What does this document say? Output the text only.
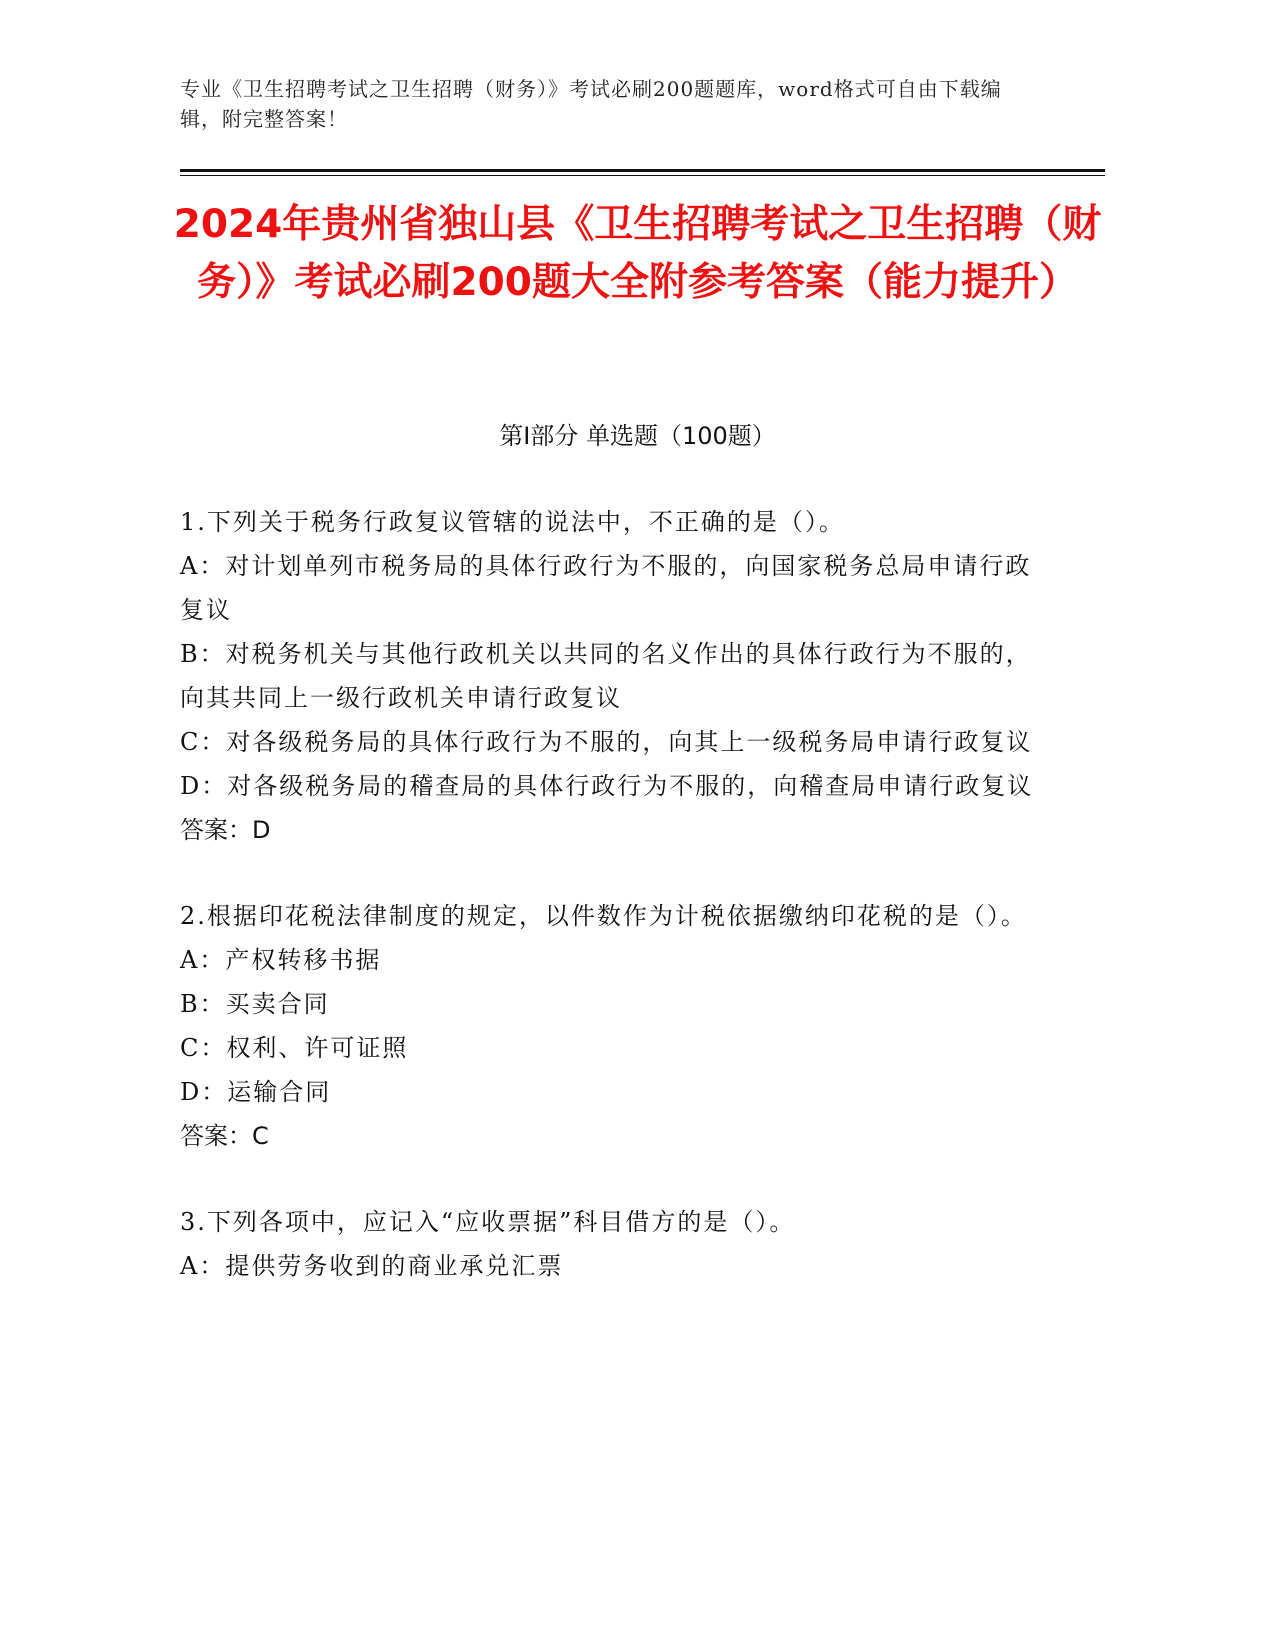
专业《卫生招聘考试之卫生招聘（财务）》考试必刷200题题库，word格式可自由下载编辑，附完整答案！
2024年贵州省独山县《卫生招聘考试之卫生招聘（财务）》考试必刷200题大全附参考答案（能力提升）
第I部分 单选题（100题）
1.下列关于税务行政复议管辖的说法中，不正确的是（）。
A：对计划单列市税务局的具体行政行为不服的，向国家税务总局申请行政复议
B：对税务机关与其他行政机关以共同的名义作出的具体行政行为不服的，向其共同上一级行政机关申请行政复议
C：对各级税务局的具体行政行为不服的，向其上一级税务局申请行政复议
D：对各级税务局的稽查局的具体行政行为不服的，向稽查局申请行政复议
答案：D
2.根据印花税法律制度的规定，以件数作为计税依据缴纳印花税的是（）。
A：产权转移书据
B：买卖合同
C：权利、许可证照
D：运输合同
答案：C
3.下列各项中，应记入“应收票据”科目借方的是（）。
A：提供劳务收到的商业承兑汇票
